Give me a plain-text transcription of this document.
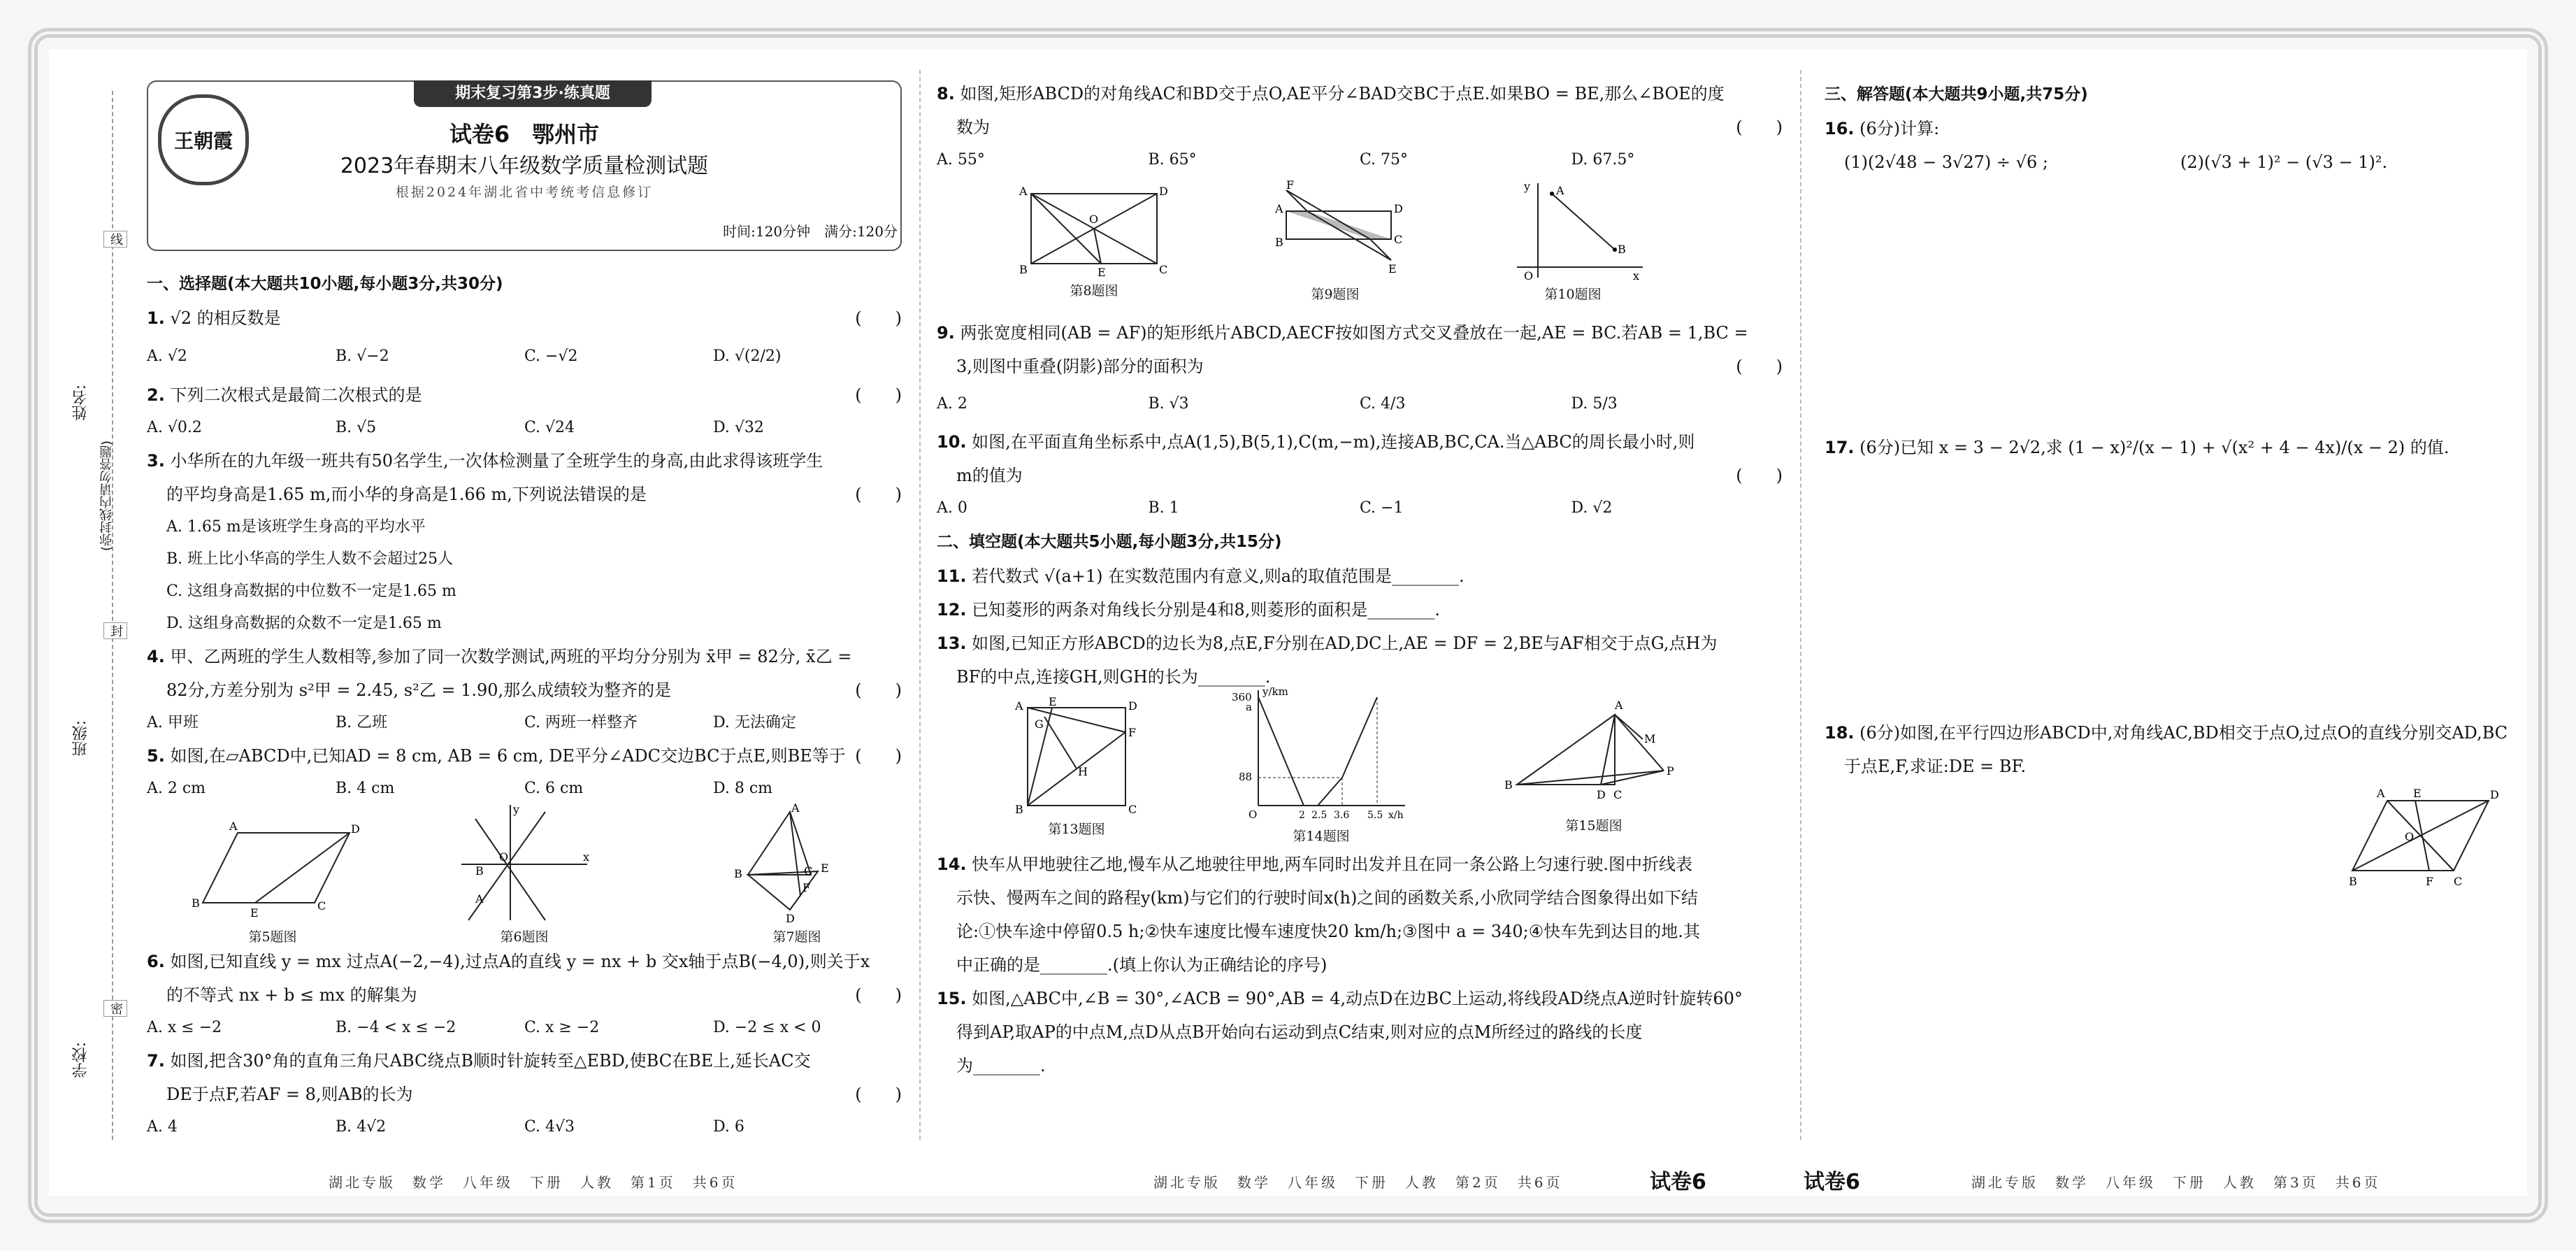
姓名:
班级:
学校:
(弥封线内请勿答题)
线
封
密
王朝霞
期末复习第3步·练真题
试卷6　鄂州市
2023年春期末八年级数学质量检测试题
根据2024年湖北省中考统考信息修订
时间:120分钟　满分:120分
一、选择题(本大题共10小题,每小题3分,共30分)
1. √2 的相反数是	(　　)
A. √2	B. √−2	C. −√2	D. √(2/2)
2. 下列二次根式是最简二次根式的是	(　　)
A. √0.2	B. √5	C. √24	D. √32
3. 小华所在的九年级一班共有50名学生,一次体检测量了全班学生的身高,由此求得该班学生
的平均身高是1.65 m,而小华的身高是1.66 m,下列说法错误的是	(　　)
A. 1.65 m是该班学生身高的平均水平
B. 班上比小华高的学生人数不会超过25人
C. 这组身高数据的中位数不一定是1.65 m
D. 这组身高数据的众数不一定是1.65 m
4. 甲、乙两班的学生人数相等,参加了同一次数学测试,两班的平均分分别为 x̄甲 = 82分, x̄乙 =
82分,方差分别为 s²甲 = 2.45, s²乙 = 1.90,那么成绩较为整齐的是	(　　)
A. 甲班	B. 乙班	C. 两班一样整齐	D. 无法确定
5. 如图,在▱ABCD中,已知AD = 8 cm, AB = 6 cm, DE平分∠ADC交边BC于点E,则BE等于 (　　)
A. 2 cm	B. 4 cm	C. 6 cm	D. 8 cm
A	D
B
E
C
第5题图
x
y
O
A
B
第6题图
A
B	C E
F
D
第7题图
6. 如图,已知直线 y = mx 过点A(−2,−4),过点A的直线 y = nx + b 交x轴于点B(−4,0),则关于x
的不等式 nx + b ≤ mx 的解集为	(　　)
A. x ≤ −2	B. −4 < x ≤ −2	C. x ≥ −2	D. −2 ≤ x < 0
7. 如图,把含30°角的直角三角尺ABC绕点B顺时针旋转至△EBD,使BC在BE上,延长AC交
DE于点F,若AF = 8,则AB的长为	(　　)
A. 4	B. 4√2	C. 4√3	D. 6
8. 如图,矩形ABCD的对角线AC和BD交于点O,AE平分∠BAD交BC于点E.如果BO = BE,那么∠BOE的度
数为	(　　)
A. 55°	B. 65°	C. 75°	D. 67.5°
A	D
B	E	C
O
第8题图
F
A	D
B	C
E
第9题图
y A
B
O	x
第10题图
9. 两张宽度相同(AB = AF)的矩形纸片ABCD,AECF按如图方式交叉叠放在一起,AE = BC.若AB = 1,BC =
3,则图中重叠(阴影)部分的面积为	(　　)
A. 2	B. √3	C. 4/3	D. 5/3
10. 如图,在平面直角坐标系中,点A(1,5),B(5,1),C(m,−m),连接AB,BC,CA.当△ABC的周长最小时,则
m的值为	(　　)
A. 0	B. 1	C. −1	D. √2
二、填空题(本大题共5小题,每小题3分,共15分)
11. 若代数式 √(a+1) 在实数范围内有意义,则a的取值范围是________.
12. 已知菱形的两条对角线长分别是4和8,则菱形的面积是________.
13. 如图,已知正方形ABCD的边长为8,点E,F分别在AD,DC上,AE = DF = 2,BE与AF相交于点G,点H为
BF的中点,连接GH,则GH的长为________.
A E	D
F
G
H
B	C
第13题图
y/km
360
a
88
O	2 2.5 3.6 5.5 x/h
第14题图
B
A
M
P
D C
第15题图
14. 快车从甲地驶往乙地,慢车从乙地驶往甲地,两车同时出发并且在同一条公路上匀速行驶.图中折线表
示快、慢两车之间的路程y(km)与它们的行驶时间x(h)之间的函数关系,小欣同学结合图象得出如下结
论:①快车途中停留0.5 h;②快车速度比慢车速度快20 km/h;③图中 a = 340;④快车先到达目的地.其
中正确的是________.(填上你认为正确结论的序号)
15. 如图,△ABC中,∠B = 30°,∠ACB = 90°,AB = 4,动点D在边BC上运动,将线段AD绕点A逆时针旋转60°
得到AP,取AP的中点M,点D从点B开始向右运动到点C结束,则对应的点M所经过的路线的长度
为________.
三、解答题(本大题共9小题,共75分)
16. (6分)计算:
(1)(2√48 − 3√27) ÷ √6 ;	(2)(√3 + 1)² − (√3 − 1)².
17. (6分)已知 x = 3 − 2√2,求 (1 − x)²/(x − 1) + √(x² + 4 − 4x)/(x − 2) 的值.
18. (6分)如图,在平行四边形ABCD中,对角线AC,BD相交于点O,过点O的直线分别交AD,BC
于点E,F,求证:DE = BF.
A	E	D
O
B	F C
湖北专版　数学　八年级　下册　人教　第1页　共6页	湖北专版　数学　八年级　下册　人教　第2页　共6页	试卷6	试卷6	湖北专版　数学　八年级　下册　人教　第3页　共6页
